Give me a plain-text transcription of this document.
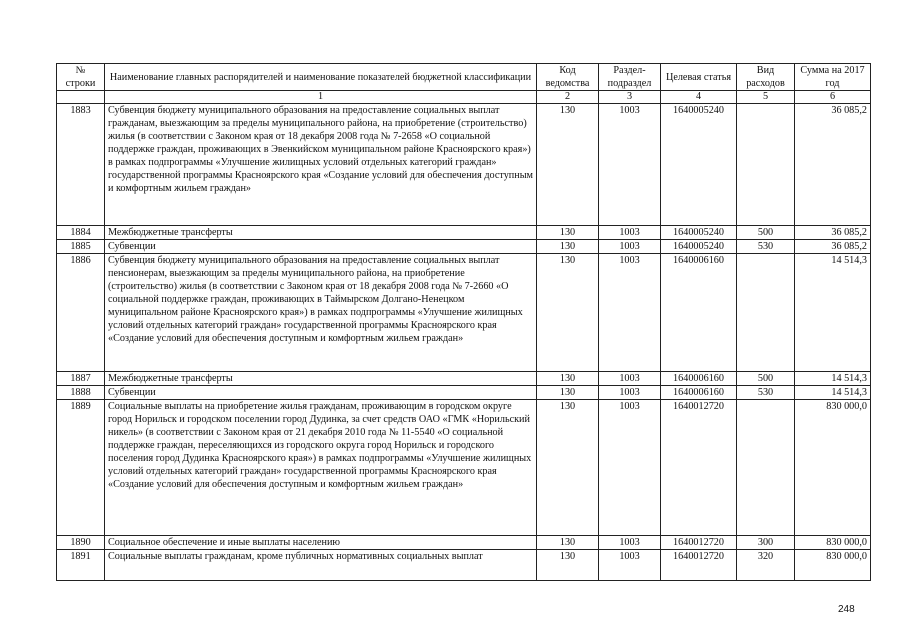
№ строки	Наименование главных распорядителей и наименование показателей бюджетной классификации	Код ведомства	Раздел- подраздел	Целевая статья	Вид расходов	Сумма на 2017 год
	1	2	3	4	5	6
1883	Субвенция бюджету муниципального образования на предоставление социальных выплат гражданам, выезжающим за пределы муниципального района, на приобретение (строительство) жилья (в соответствии с Законом края от 18 декабря 2008 года № 7-2658 «О социальной поддержке граждан, проживающих в Эвенкийском муниципальном районе Красноярского края») в рамках подпрограммы «Улучшение жилищных условий отдельных категорий граждан» государственной программы Красноярского края «Создание условий для обеспечения доступным и комфортным жильем граждан»	130	1003	1640005240		36 085,2
1884	Межбюджетные трансферты	130	1003	1640005240	500	36 085,2
1885	Субвенции	130	1003	1640005240	530	36 085,2
1886	Субвенция бюджету муниципального образования на предоставление социальных выплат пенсионерам, выезжающим за пределы муниципального района, на приобретение (строительство) жилья (в соответствии с Законом края от 18 декабря 2008 года № 7-2660 «О социальной поддержке граждан, проживающих в Таймырском Долгано-Ненецком муниципальном районе Красноярского края») в рамках подпрограммы «Улучшение жилищных условий отдельных категорий граждан» государственной программы Красноярского края «Создание условий для обеспечения доступным и комфортным жильем граждан»	130	1003	1640006160		14 514,3
1887	Межбюджетные трансферты	130	1003	1640006160	500	14 514,3
1888	Субвенции	130	1003	1640006160	530	14 514,3
1889	Социальные выплаты на приобретение жилья гражданам, проживающим в городском округе город Норильск и городском поселении город Дудинка, за счет средств ОАО «ГМК «Норильский никель» (в соответствии с Законом края от 21 декабря 2010 года № 11-5540 «О социальной поддержке граждан, переселяющихся из городского округа город Норильск и городского поселения город Дудинка Красноярского края») в рамках подпрограммы «Улучшение жилищных условий отдельных категорий граждан» государственной программы Красноярского края «Создание условий для обеспечения доступным и комфортным жильем граждан»	130	1003	1640012720		830 000,0
1890	Социальное обеспечение и иные выплаты населению	130	1003	1640012720	300	830 000,0
1891	Социальные выплаты гражданам, кроме публичных нормативных социальных выплат	130	1003	1640012720	320	830 000,0
248
